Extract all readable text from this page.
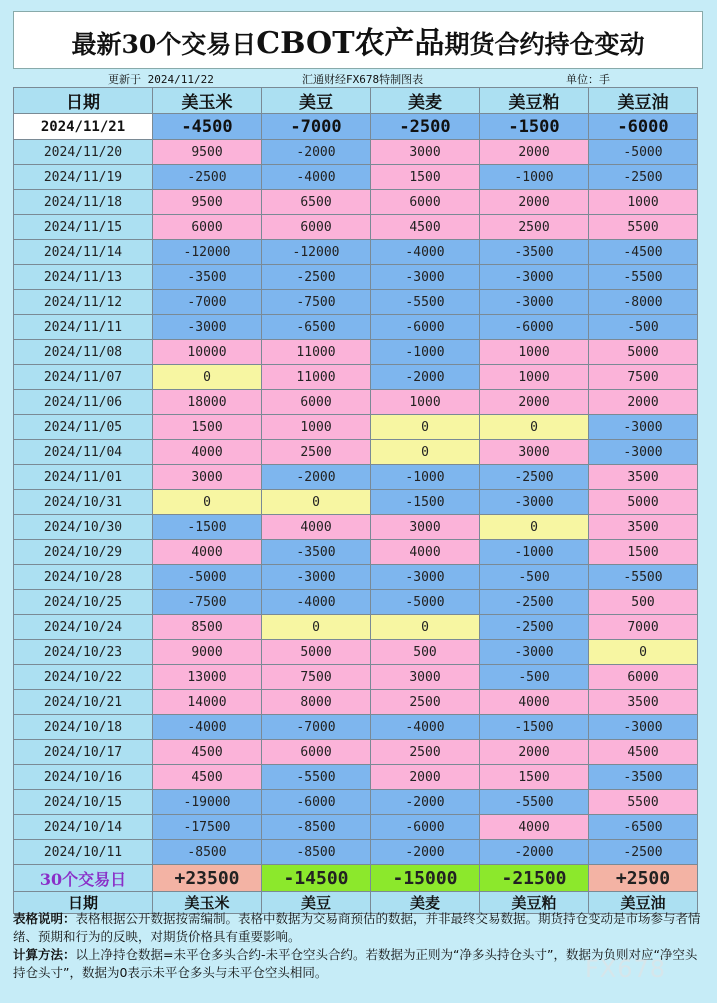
最新30个交易日CBOT农产品期货合约持仓变动
更新于 2024/11/22	汇通财经FX678特制图表	单位：手
日期	美玉米	美豆	美麦	美豆粕	美豆油
2024/11/21	-4500	-7000	-2500	-1500	-6000
2024/11/20	9500	-2000	3000	2000	-5000
2024/11/19	-2500	-4000	1500	-1000	-2500
2024/11/18	9500	6500	6000	2000	1000
2024/11/15	6000	6000	4500	2500	5500
2024/11/14	-12000	-12000	-4000	-3500	-4500
2024/11/13	-3500	-2500	-3000	-3000	-5500
2024/11/12	-7000	-7500	-5500	-3000	-8000
2024/11/11	-3000	-6500	-6000	-6000	-500
2024/11/08	10000	11000	-1000	1000	5000
2024/11/07	0	11000	-2000	1000	7500
2024/11/06	18000	6000	1000	2000	2000
2024/11/05	1500	1000	0	0	-3000
2024/11/04	4000	2500	0	3000	-3000
2024/11/01	3000	-2000	-1000	-2500	3500
2024/10/31	0	0	-1500	-3000	5000
2024/10/30	-1500	4000	3000	0	3500
2024/10/29	4000	-3500	4000	-1000	1500
2024/10/28	-5000	-3000	-3000	-500	-5500
2024/10/25	-7500	-4000	-5000	-2500	500
2024/10/24	8500	0	0	-2500	7000
2024/10/23	9000	5000	500	-3000	0
2024/10/22	13000	7500	3000	-500	6000
2024/10/21	14000	8000	2500	4000	3500
2024/10/18	-4000	-7000	-4000	-1500	-3000
2024/10/17	4500	6000	2500	2000	4500
2024/10/16	4500	-5500	2000	1500	-3500
2024/10/15	-19000	-6000	-2000	-5500	5500
2024/10/14	-17500	-8500	-6000	4000	-6500
2024/10/11	-8500	-8500	-2000	-2000	-2500
30个交易日	+23500	-14500	-15000	-21500	+2500
日期	美玉米	美豆	美麦	美豆粕	美豆油
表格说明：表格根据公开数据按需编制。表格中数据为交易商预估的数据，并非最终交易数据。期货持仓变动是市场参与者情绪、预期和行为的反映，对期货价格具有重要影响。
计算方法：以上净持仓数据=未平仓多头合约-未平仓空头合约。若数据为正则为“净多头持仓头寸”，数据为负则对应“净空头持仓头寸”，数据为0表示未平仓多头与未平仓空头相同。	FX678
